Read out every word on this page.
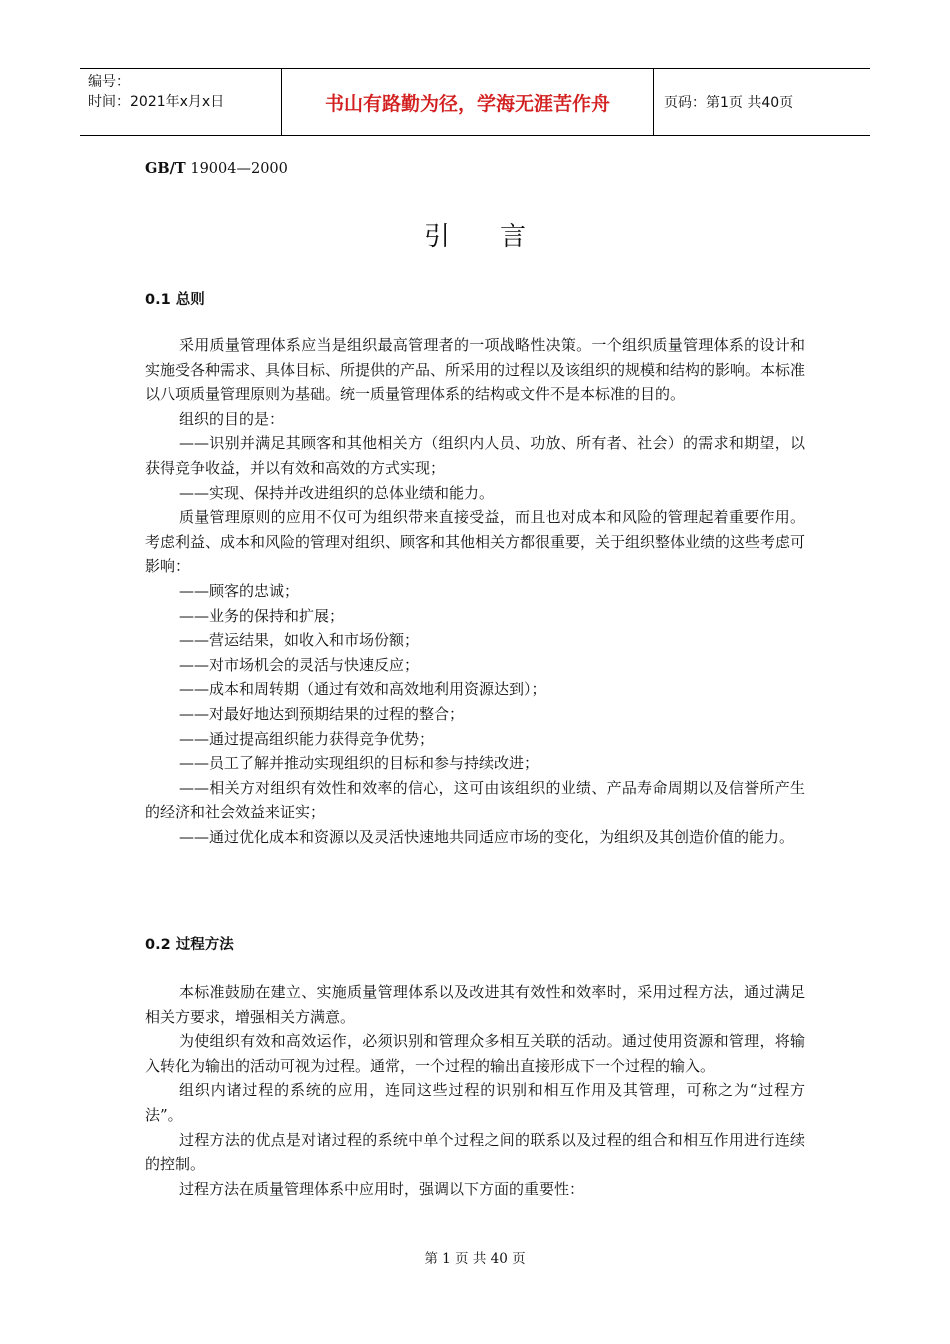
编号：
时间：2021年x月x日	书山有路勤为径，学海无涯苦作舟	页码：第1页 共40页
GB/T 19004—2000
引言
0.1 总则

采用质量管理体系应当是组织最高管理者的一项战略性决策。一个组织质量管理体系的设计和实施受各种需求、具体目标、所提供的产品、所采用的过程以及该组织的规模和结构的影响。本标准以八项质量管理原则为基础。统一质量管理体系的结构或文件不是本标准的目的。

组织的目的是：

——识别并满足其顾客和其他相关方（组织内人员、功放、所有者、社会）的需求和期望，以获得竞争收益，并以有效和高效的方式实现；

——实现、保持并改进组织的总体业绩和能力。

质量管理原则的应用不仅可为组织带来直接受益，而且也对成本和风险的管理起着重要作用。考虑利益、成本和风险的管理对组织、顾客和其他相关方都很重要，关于组织整体业绩的这些考虑可影响：

——顾客的忠诚；

——业务的保持和扩展；

——营运结果，如收入和市场份额；

——对市场机会的灵活与快速反应；

——成本和周转期（通过有效和高效地利用资源达到）；

——对最好地达到预期结果的过程的整合；

——通过提高组织能力获得竞争优势；

——员工了解并推动实现组织的目标和参与持续改进；

——相关方对组织有效性和效率的信心，这可由该组织的业绩、产品寿命周期以及信誉所产生的经济和社会效益来证实；

——通过优化成本和资源以及灵活快速地共同适应市场的变化，为组织及其创造价值的能力。

0.2 过程方法

本标准鼓励在建立、实施质量管理体系以及改进其有效性和效率时，采用过程方法，通过满足相关方要求，增强相关方满意。

为使组织有效和高效运作，必须识别和管理众多相互关联的活动。通过使用资源和管理，将输入转化为输出的活动可视为过程。通常，一个过程的输出直接形成下一个过程的输入。

组织内诸过程的系统的应用，连同这些过程的识别和相互作用及其管理，可称之为“过程方法”。

过程方法的优点是对诸过程的系统中单个过程之间的联系以及过程的组合和相互作用进行连续的控制。

过程方法在质量管理体系中应用时，强调以下方面的重要性：

第 1 页 共 40 页
